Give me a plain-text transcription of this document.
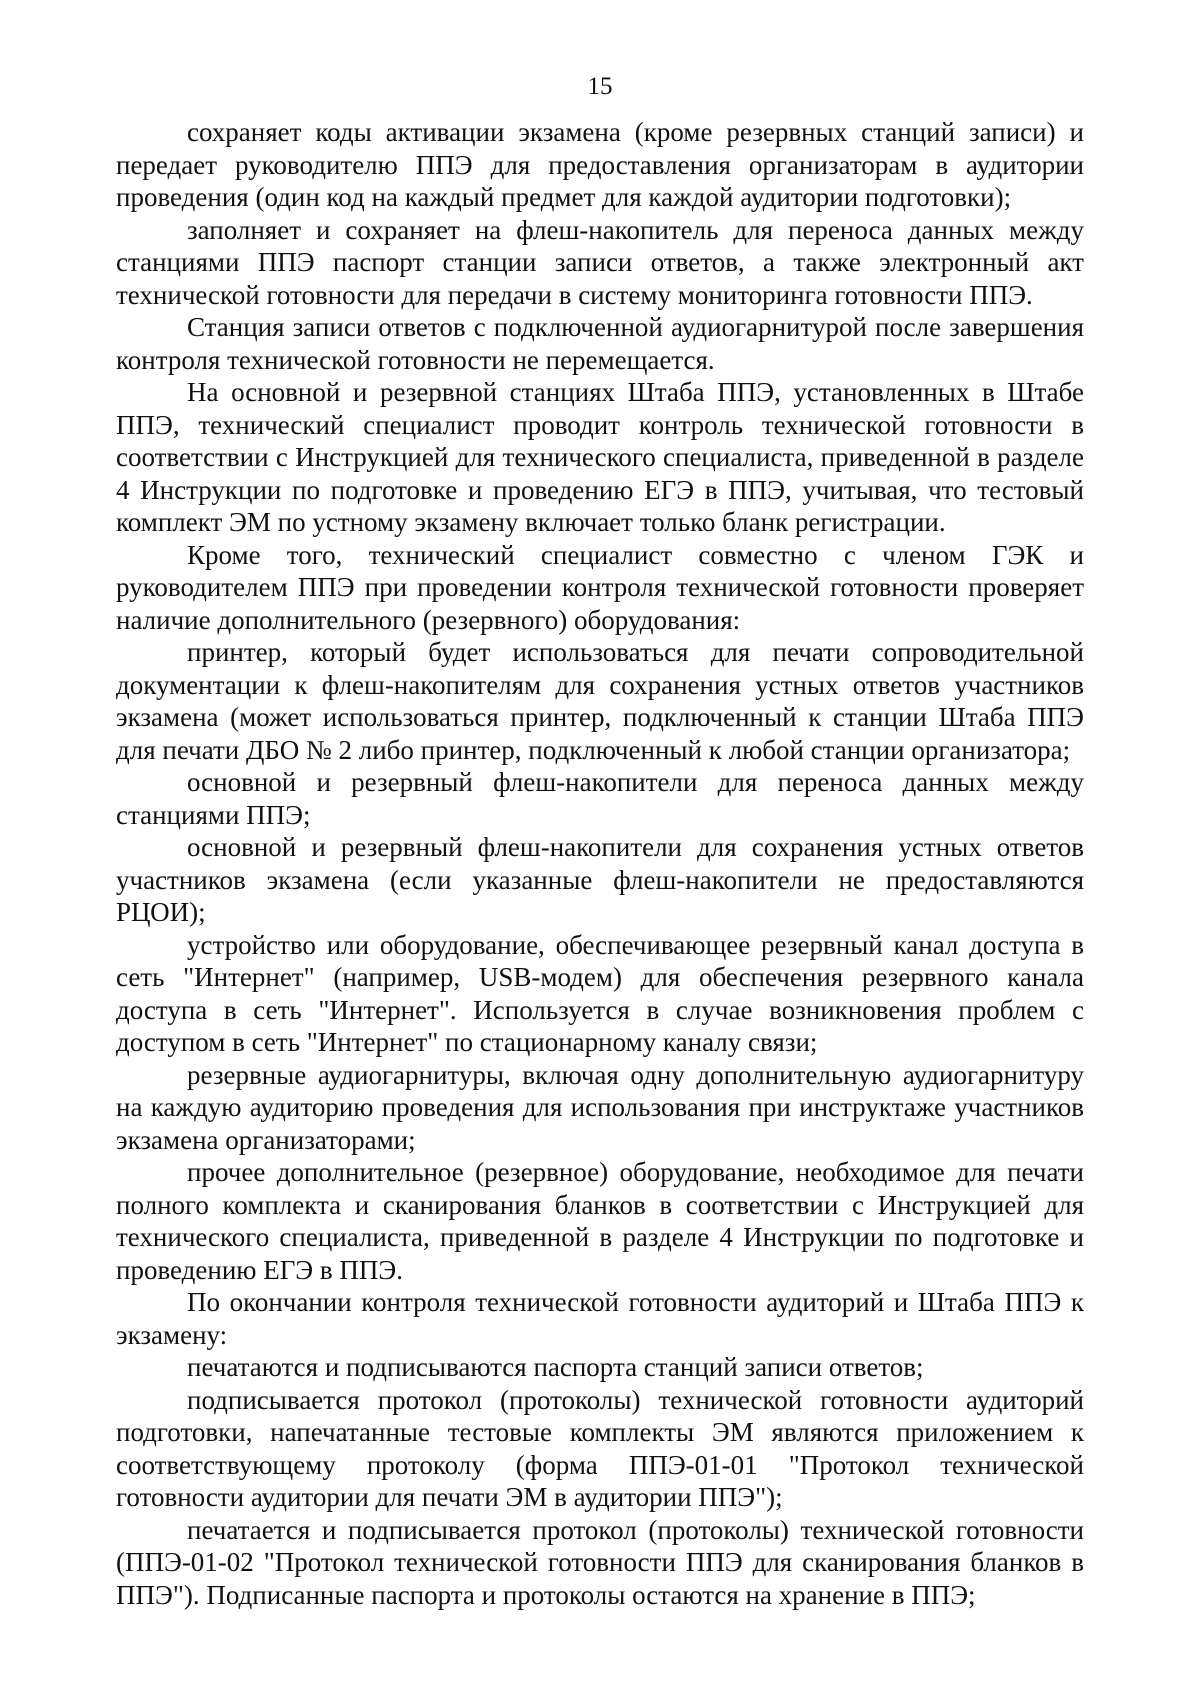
15

сохраняет коды активации экзамена (кроме резервных станций записи) и передает руководителю ППЭ для предоставления организаторам в аудитории проведения (один код на каждый предмет для каждой аудитории подготовки);

заполняет и сохраняет на флеш-накопитель для переноса данных между станциями ППЭ паспорт станции записи ответов, а также электронный акт технической готовности для передачи в систему мониторинга готовности ППЭ.

Станция записи ответов с подключенной аудиогарнитурой после завершения контроля технической готовности не перемещается.

На основной и резервной станциях Штаба ППЭ, установленных в Штабе ППЭ, технический специалист проводит контроль технической готовности в соответствии с Инструкцией для технического специалиста, приведенной в разделе 4 Инструкции по подготовке и проведению ЕГЭ в ППЭ, учитывая, что тестовый комплект ЭМ по устному экзамену включает только бланк регистрации.

Кроме того, технический специалист совместно с членом ГЭК и руководителем ППЭ при проведении контроля технической готовности проверяет наличие дополнительного (резервного) оборудования:

принтер, который будет использоваться для печати сопроводительной документации к флеш-накопителям для сохранения устных ответов участников экзамена (может использоваться принтер, подключенный к станции Штаба ППЭ для печати ДБО № 2 либо принтер, подключенный к любой станции организатора;

основной и резервный флеш-накопители для переноса данных между станциями ППЭ;

основной и резервный флеш-накопители для сохранения устных ответов участников экзамена (если указанные флеш-накопители не предоставляются РЦОИ);

устройство или оборудование, обеспечивающее резервный канал доступа в сеть "Интернет" (например, USB-модем) для обеспечения резервного канала доступа в сеть "Интернет". Используется в случае возникновения проблем с доступом в сеть "Интернет" по стационарному каналу связи;

резервные аудиогарнитуры, включая одну дополнительную аудиогарнитуру на каждую аудиторию проведения для использования при инструктаже участников экзамена организаторами;

прочее дополнительное (резервное) оборудование, необходимое для печати полного комплекта и сканирования бланков в соответствии с Инструкцией для технического специалиста, приведенной в разделе 4 Инструкции по подготовке и проведению ЕГЭ в ППЭ.

По окончании контроля технической готовности аудиторий и Штаба ППЭ к экзамену:

печатаются и подписываются паспорта станций записи ответов;

подписывается протокол (протоколы) технической готовности аудиторий подготовки, напечатанные тестовые комплекты ЭМ являются приложением к соответствующему протоколу (форма ППЭ-01-01 "Протокол технической готовности аудитории для печати ЭМ в аудитории ППЭ");

печатается и подписывается протокол (протоколы) технической готовности (ППЭ-01-02 "Протокол технической готовности ППЭ для сканирования бланков в ППЭ"). Подписанные паспорта и протоколы остаются на хранение в ППЭ;
